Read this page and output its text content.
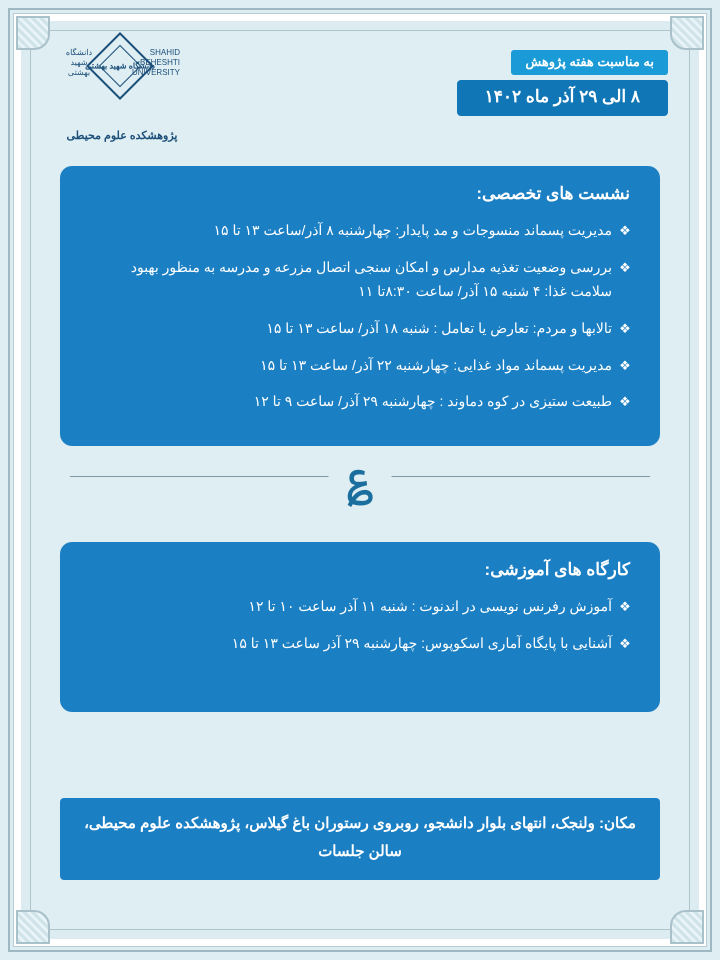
به مناسبت هفته پژوهش
۸ الی ۲۹ آذر ماه ۱۴۰۲
دانشگاه شهید بهشتی
دانشگاه شهید بهشتی
SHAHID BEHESHTI UNIVERSITY
پژوهشکده علوم محیطی
نشست های تخصصی:
❖
مدیریت پسماند منسوجات و مد پایدار: چهارشنبه ۸ آذر/ساعت ۱۳ تا ۱۵
❖
بررسی وضعیت تغذیه مدارس و امکان سنجی اتصال مزرعه و مدرسه به منظور بهبود سلامت غذا: ۴ شنبه ۱۵ آذر/ ساعت ۸:۳۰تا ۱۱
❖
تالابها و مردم: تعارض یا تعامل : شنبه ۱۸ آذر/ ساعت ۱۳ تا ۱۵
❖
مدیریت پسماند مواد غذایی: چهارشنبه ۲۲ آذر/ ساعت ۱۳ تا ۱۵
❖
طبیعت ستیزی در کوه دماوند : چهارشنبه ۲۹ آذر/ ساعت ۹ تا ۱۲
؏
کارگاه های آموزشی:
❖
آموزش رفرنس نویسی در اندنوت : شنبه ۱۱ آذر ساعت ۱۰ تا ۱۲
❖
آشنایی با پایگاه آماری اسکوپوس: چهارشنبه ۲۹ آذر ساعت ۱۳ تا ۱۵
مکان: ولنجک، انتهای بلوار دانشجو، روبروی رستوران باغ گیلاس، پژوهشکده علوم محیطی، سالن جلسات
